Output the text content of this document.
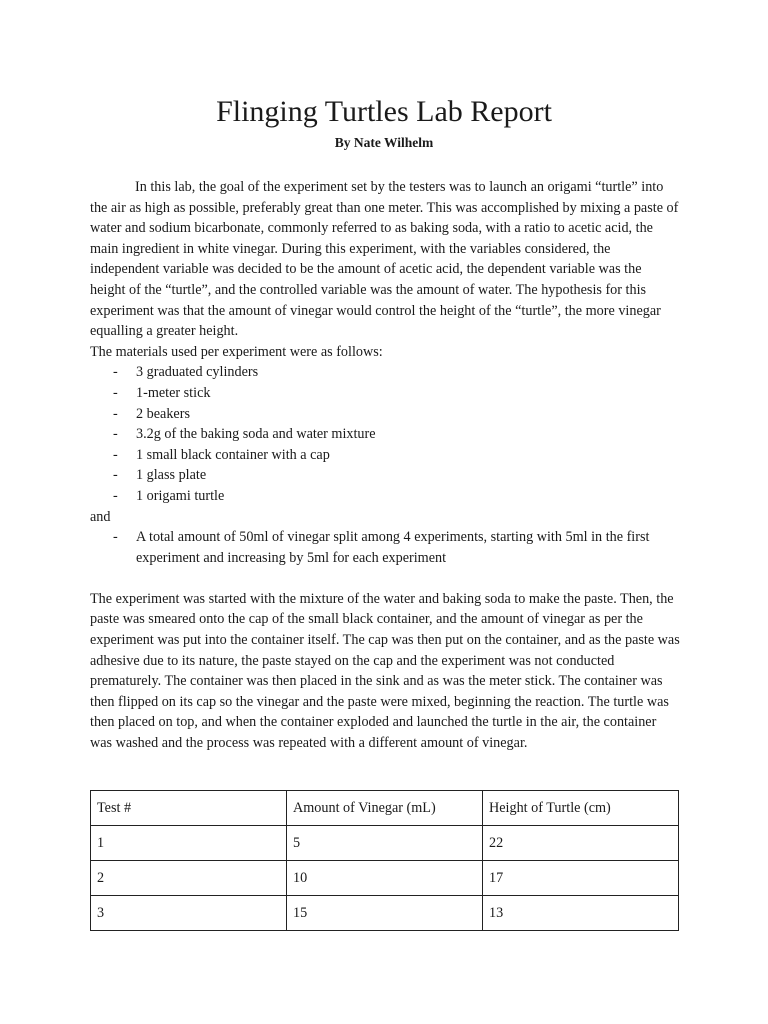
Flinging Turtles Lab Report
By Nate Wilhelm

In this lab, the goal of the experiment set by the testers was to launch an origami “turtle” into the air as high as possible, preferably great than one meter. This was accomplished by mixing a paste of water and sodium bicarbonate, commonly referred to as baking soda, with a ratio to acetic acid, the main ingredient in white vinegar. During this experiment, with the variables considered, the independent variable was decided to be the amount of acetic acid, the dependent variable was the height of the “turtle”, and the controlled variable was the amount of water. The hypothesis for this experiment was that the amount of vinegar would control the height of the “turtle”, the more vinegar equalling a greater height.

The materials used per experiment were as follows:

- 3 graduated cylinders
- 1-meter stick
- 2 beakers
- 3.2g of the baking soda and water mixture
- 1 small black container with a cap
- 1 glass plate
- 1 origami turtle

and

- A total amount of 50ml of vinegar split among 4 experiments, starting with 5ml in the first experiment and increasing by 5ml for each experiment

The experiment was started with the mixture of the water and baking soda to make the paste. Then, the paste was smeared onto the cap of the small black container, and the amount of vinegar as per the experiment was put into the container itself. The cap was then put on the container, and as the paste was adhesive due to its nature, the paste stayed on the cap and the experiment was not conducted prematurely. The container was then placed in the sink and as was the meter stick. The container was then flipped on its cap so the vinegar and the paste were mixed, beginning the reaction. The turtle was then placed on top, and when the container exploded and launched the turtle in the air, the container was washed and the process was repeated with a different amount of vinegar.

Test #	Amount of Vinegar (mL)	Height of Turtle (cm)
1	5	22
2	10	17
3	15	13
